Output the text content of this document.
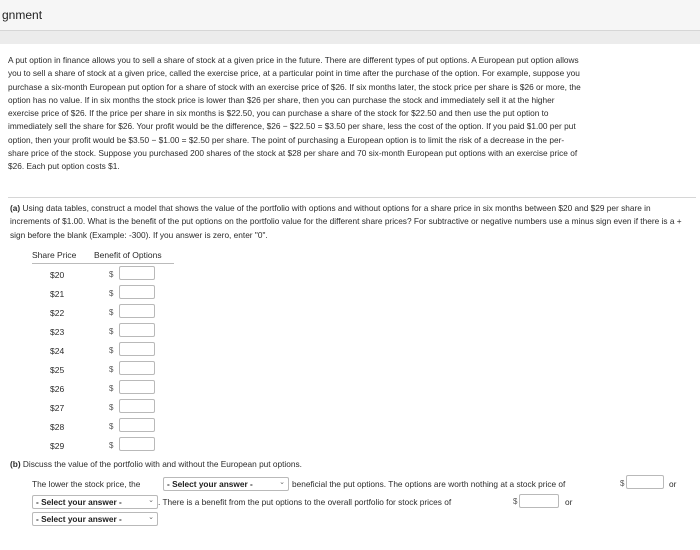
gnment
A put option in finance allows you to sell a share of stock at a given price in the future. There are different types of put options. A European put option allows
you to sell a share of stock at a given price, called the exercise price, at a particular point in time after the purchase of the option. For example, suppose you
purchase a six-month European put option for a share of stock with an exercise price of $26. If six months later, the stock price per share is $26 or more, the
option has no value. If in six months the stock price is lower than $26 per share, then you can purchase the stock and immediately sell it at the higher
exercise price of $26. If the price per share in six months is $22.50, you can purchase a share of the stock for $22.50 and then use the put option to
immediately sell the share for $26. Your profit would be the difference, $26 − $22.50 = $3.50 per share, less the cost of the option. If you paid $1.00 per put
option, then your profit would be $3.50 − $1.00 = $2.50 per share. The point of purchasing a European option is to limit the risk of a decrease in the per-
share price of the stock. Suppose you purchased 200 shares of the stock at $28 per share and 70 six-month European put options with an exercise price of
$26. Each put option costs $1.
(a) Using data tables, construct a model that shows the value of the portfolio with options and without options for a share price in six months between $20 and $29 per share in increments of $1.00. What is the benefit of the put options on the portfolio value for the different share prices? For subtractive or negative numbers use a minus sign even if there is a + sign before the blank (Example: -300). If you answer is zero, enter "0".
Share Price Benefit of Options
$20	$
$21	$
$22	$
$23	$
$24	$
$25	$
$26	$
$27	$
$28	$
$29	$
(b) Discuss the value of the portfolio with and without the European put options.
The lower the stock price, the	- Select your answer -	⌄ beneficial the put options. The options are worth nothing at a stock price of	$	or
- Select your answer -	⌄ . There is a benefit from the put options to the overall portfolio for stock prices of	$	or
- Select your answer -	⌄
